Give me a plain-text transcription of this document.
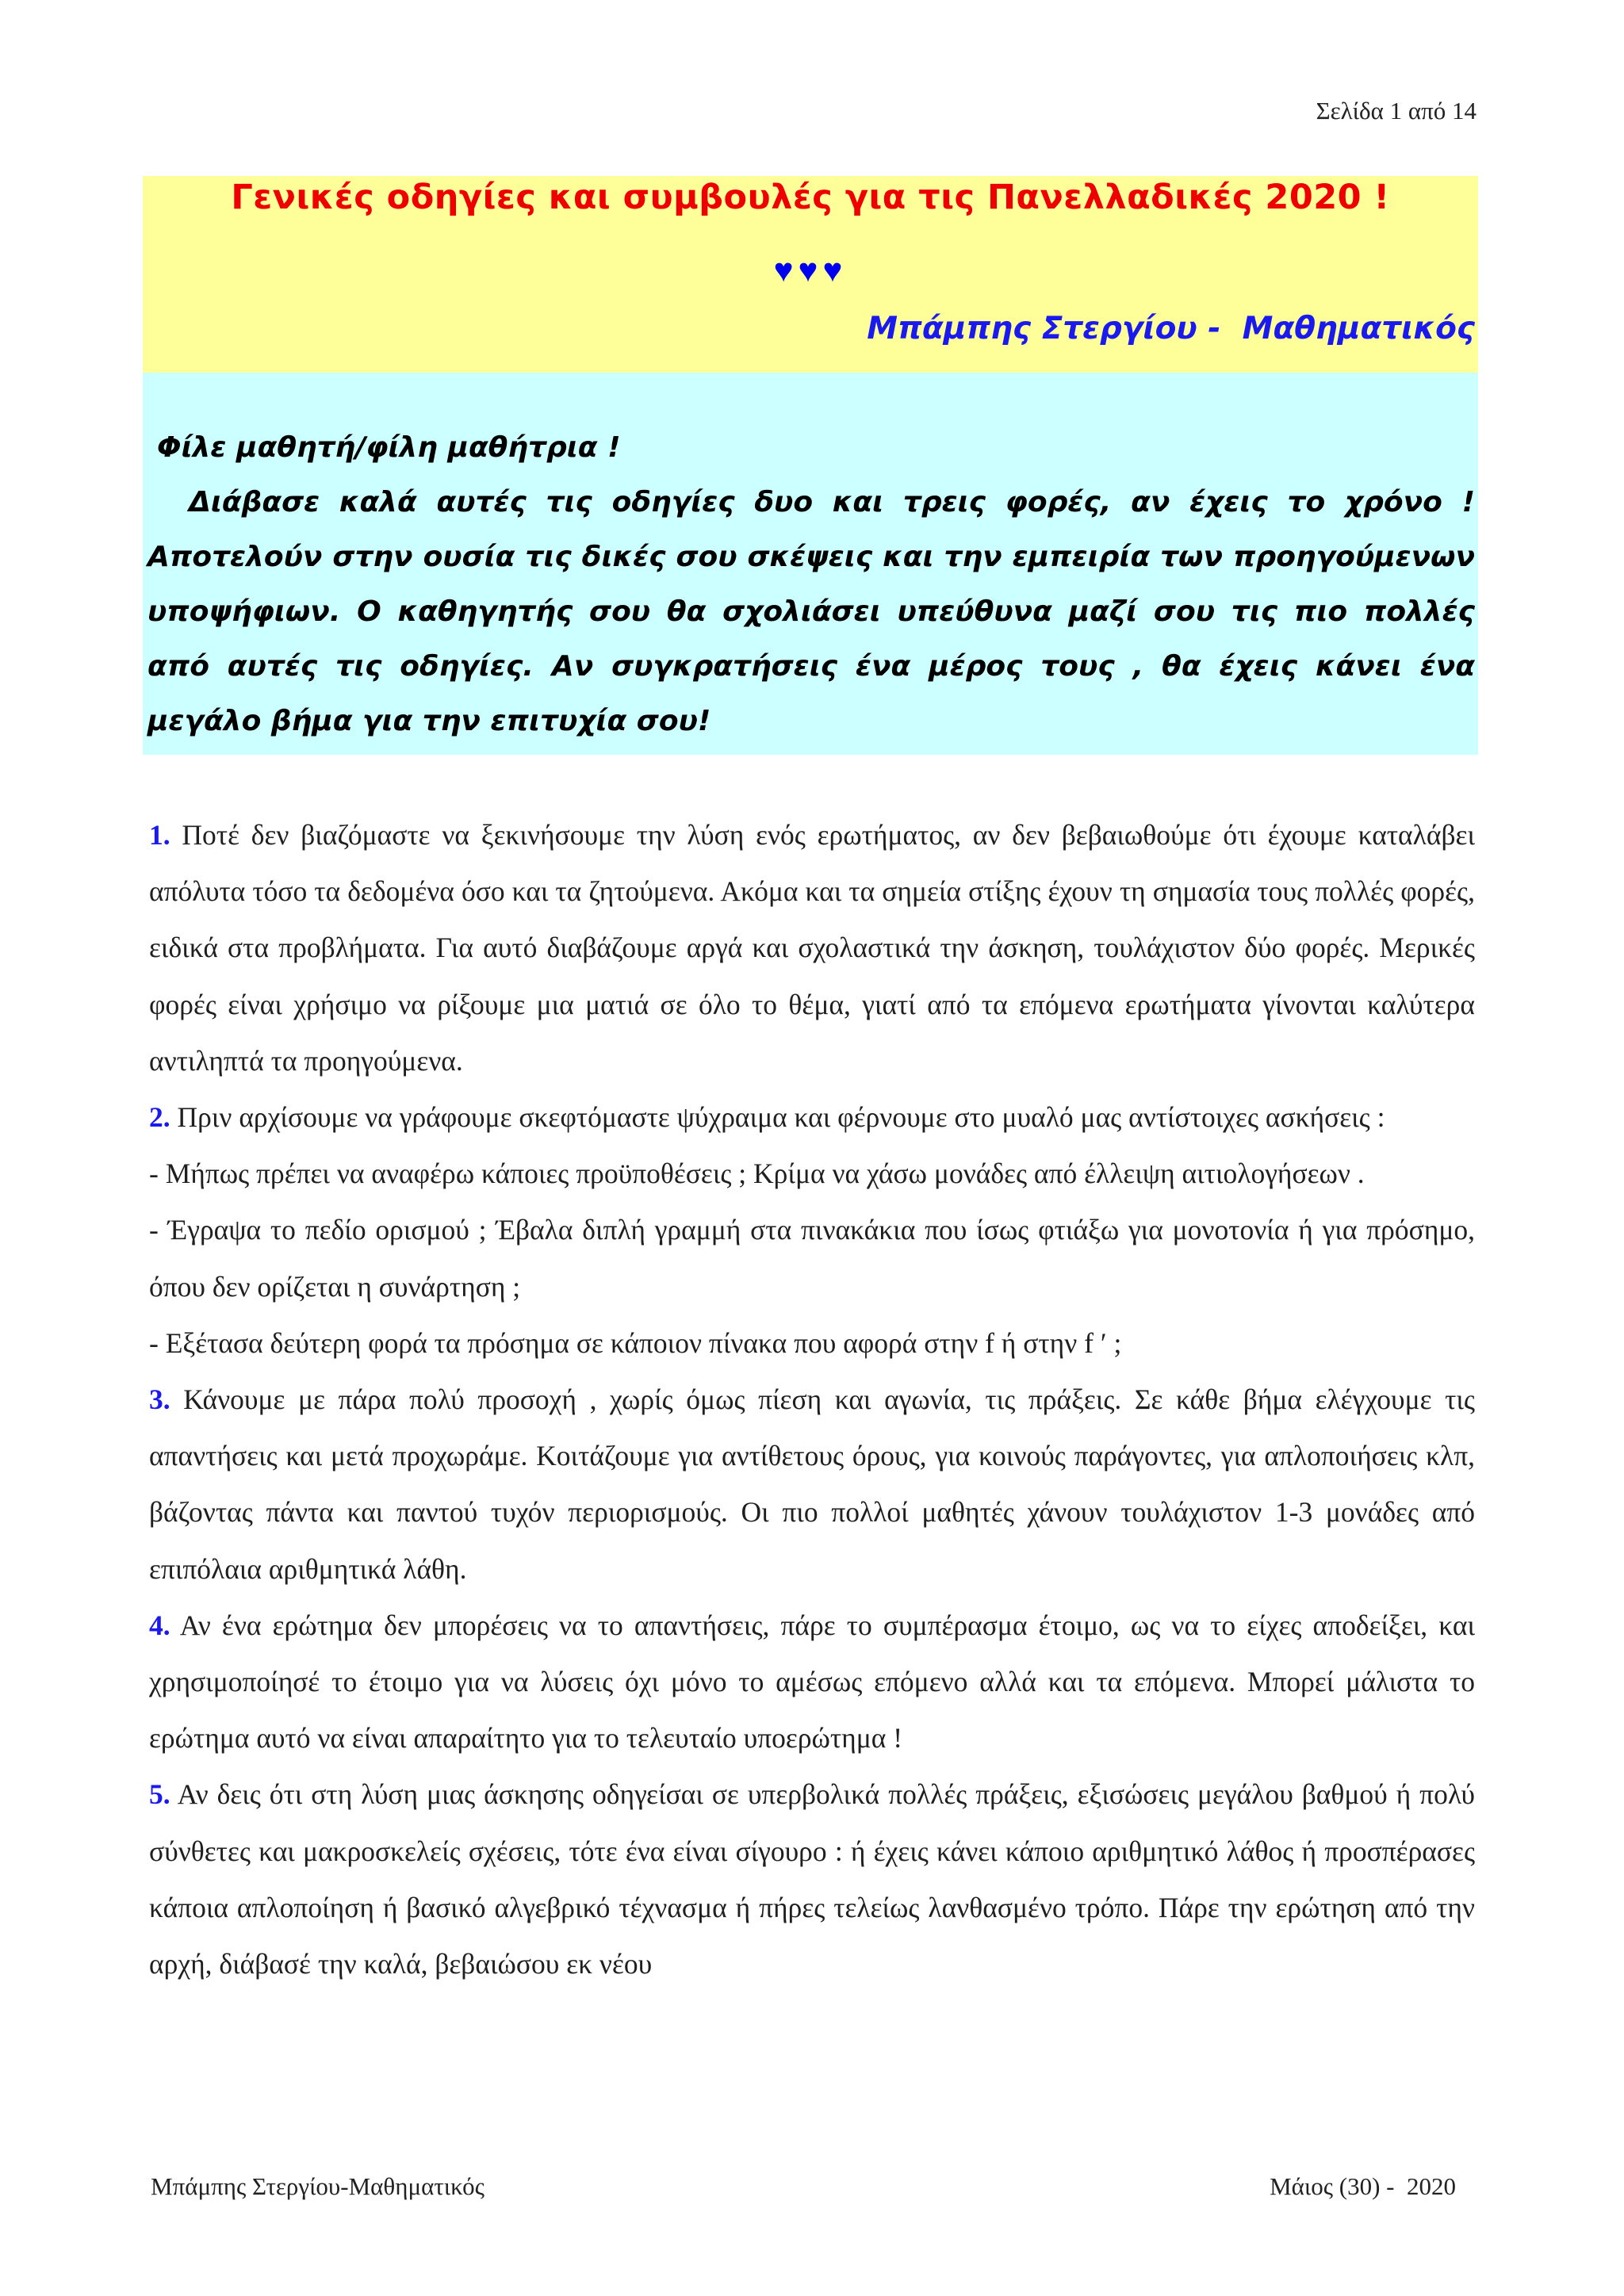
Σελίδα 1 από 14
Γενικές οδηγίες και συμβουλές για τις Πανελλαδικές 2020 !
♥♥♥
Μπάμπης Στεργίου -  Μαθηματικός
Φίλε μαθητή/φίλη μαθήτρια !
Διάβασε καλά αυτές τις οδηγίες δυο και τρεις φορές, αν έχεις το χρόνο ! Αποτελούν στην ουσία τις δικές σου σκέψεις και την εμπειρία των προηγούμενων υποψήφιων. Ο καθηγητής σου θα σχολιάσει υπεύθυνα μαζί σου τις πιο πολλές από αυτές τις οδηγίες. Αν συγκρατήσεις ένα μέρος τους , θα έχεις κάνει ένα μεγάλο βήμα για την επιτυχία σου!

1. Ποτέ δεν βιαζόμαστε να ξεκινήσουμε την λύση ενός ερωτήματος, αν δεν βεβαιωθούμε ότι έχουμε καταλάβει απόλυτα τόσο τα δεδομένα όσο και τα ζητούμενα. Ακόμα και τα σημεία στίξης έχουν τη σημασία τους πολλές φορές, ειδικά στα προβλήματα. Για αυτό διαβάζουμε αργά και σχολαστικά την άσκηση, τουλάχιστον δύο φορές. Μερικές φορές είναι χρήσιμο να ρίξουμε μια ματιά σε όλο το θέμα, γιατί από τα επόμενα ερωτήματα γίνονται καλύτερα αντιληπτά τα προηγούμενα.

2. Πριν αρχίσουμε να γράφουμε σκεφτόμαστε ψύχραιμα και φέρνουμε στο μυαλό μας αντίστοιχες ασκήσεις :

- Μήπως πρέπει να αναφέρω κάποιες προϋποθέσεις ; Κρίμα να χάσω μονάδες από έλλειψη αιτιολογήσεων .

- Έγραψα το πεδίο ορισμού ; Έβαλα διπλή γραμμή στα πινακάκια που ίσως φτιάξω για μονοτονία ή για πρόσημο, όπου δεν ορίζεται η συνάρτηση ;

- Εξέτασα δεύτερη φορά τα πρόσημα σε κάποιον πίνακα που αφορά στην f ή στην f ′ ;

3. Κάνουμε με πάρα πολύ προσοχή , χωρίς όμως πίεση και αγωνία, τις πράξεις. Σε κάθε βήμα ελέγχουμε τις απαντήσεις και μετά προχωράμε. Κοιτάζουμε για αντίθετους όρους, για κοινούς παράγοντες, για απλοποιήσεις κλπ, βάζοντας πάντα και παντού τυχόν περιορισμούς. Οι πιο πολλοί μαθητές χάνουν τουλάχιστον 1-3 μονάδες από επιπόλαια αριθμητικά λάθη.

4. Αν ένα ερώτημα δεν μπορέσεις να το απαντήσεις, πάρε το συμπέρασμα έτοιμο, ως να το είχες αποδείξει, και χρησιμοποίησέ το έτοιμο για να λύσεις όχι μόνο το αμέσως επόμενο αλλά και τα επόμενα. Μπορεί μάλιστα το ερώτημα αυτό να είναι απαραίτητο για το τελευταίο υποερώτημα !

5. Αν δεις ότι στη λύση μιας άσκησης οδηγείσαι σε υπερβολικά πολλές πράξεις, εξισώσεις μεγάλου βαθμού ή πολύ σύνθετες και μακροσκελείς σχέσεις, τότε ένα είναι σίγουρο : ή έχεις κάνει κάποιο αριθμητικό λάθος ή προσπέρασες κάποια απλοποίηση ή βασικό αλγεβρικό τέχνασμα ή πήρες τελείως λανθασμένο τρόπο. Πάρε την ερώτηση από την αρχή, διάβασέ την καλά, βεβαιώσου εκ νέου

Μπάμπης Στεργίου-Μαθηματικός	Μάιος (30) -  2020
